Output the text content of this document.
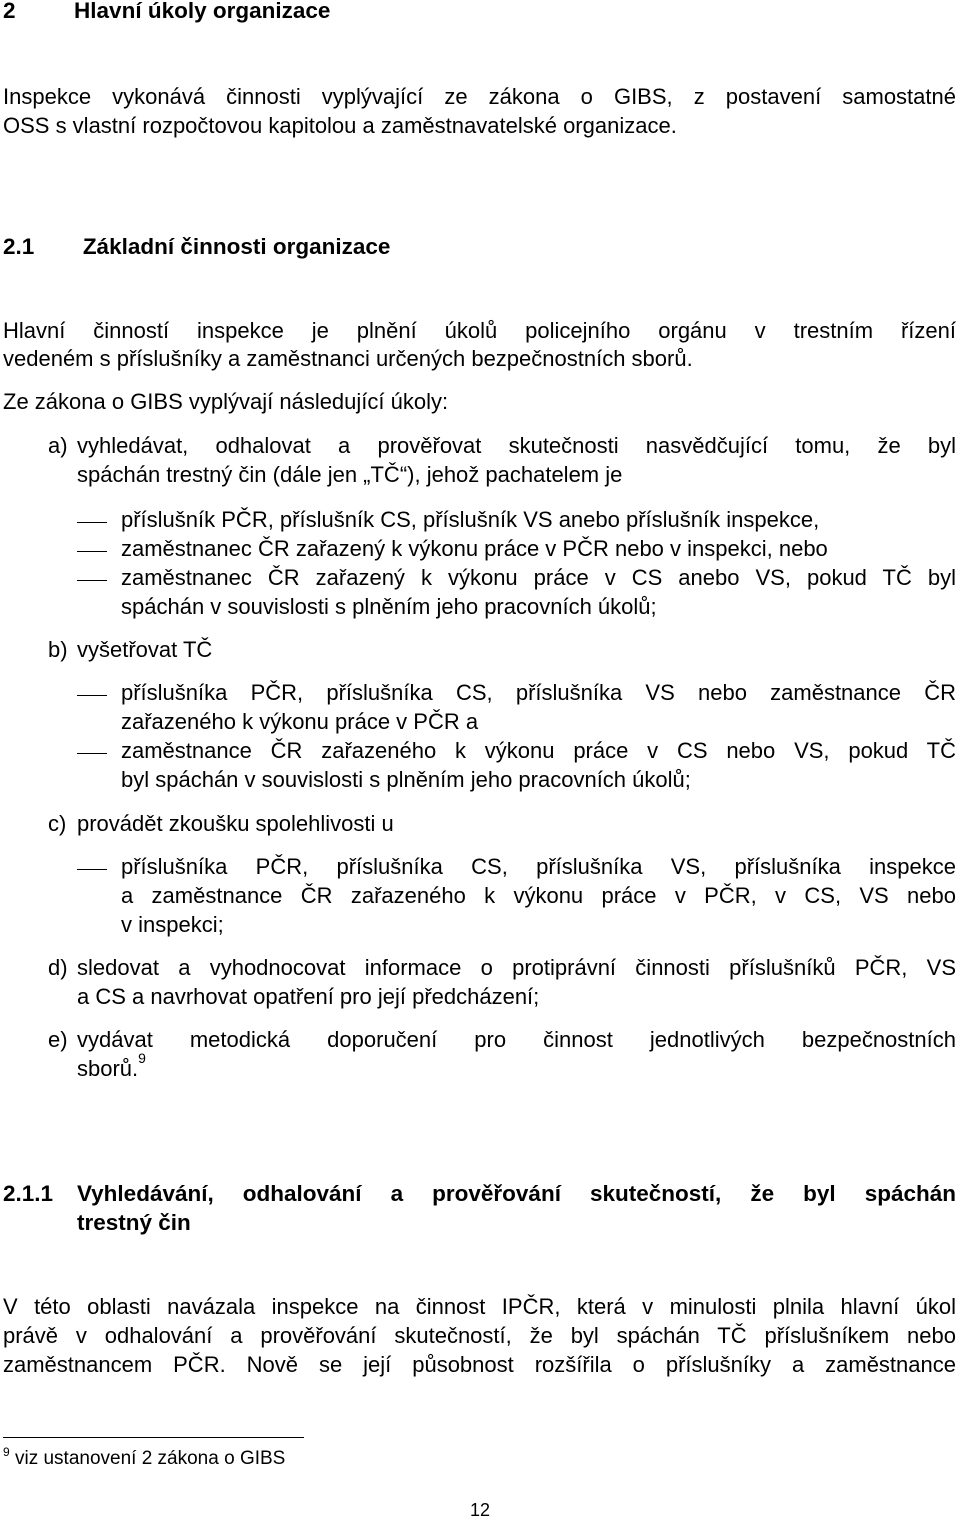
2	Hlavní úkoly organizace
Inspekce vykonává činnosti vyplývající ze zákona o GIBS, z postavení samostatné
OSS s vlastní rozpočtovou kapitolou a zaměstnavatelské organizace.
2.1 Základní činnosti organizace
Hlavní činností inspekce je plnění úkolů policejního orgánu v trestním řízení
vedeném s příslušníky a zaměstnanci určených bezpečnostních sborů.
Ze zákona o GIBS vyplývají následující úkoly:
a) vyhledávat, odhalovat a prověřovat skutečnosti nasvědčující tomu, že byl
spáchán trestný čin (dále jen „TČ“), jehož pachatelem je
příslušník PČR, příslušník CS, příslušník VS anebo příslušník inspekce,
zaměstnanec ČR zařazený k výkonu práce v PČR nebo v inspekci, nebo
zaměstnanec ČR zařazený k výkonu práce v CS anebo VS, pokud TČ byl
spáchán v souvislosti s plněním jeho pracovních úkolů;
b) vyšetřovat TČ
příslušníka PČR, příslušníka CS, příslušníka VS nebo zaměstnance ČR
zařazeného k výkonu práce v PČR a
zaměstnance ČR zařazeného k výkonu práce v CS nebo VS, pokud TČ
byl spáchán v souvislosti s plněním jeho pracovních úkolů;
c) provádět zkoušku spolehlivosti u
příslušníka PČR, příslušníka CS, příslušníka VS, příslušníka inspekce
a zaměstnance ČR zařazeného k výkonu práce v PČR, v CS, VS nebo
v inspekci;
d) sledovat a vyhodnocovat informace o protiprávní činnosti příslušníků PČR, VS
a CS a navrhovat opatření pro její předcházení;
e) vydávat metodická doporučení pro činnost jednotlivých bezpečnostních
sborů.$^9$
2.1.1 Vyhledávání, odhalování a prověřování skutečností, že byl spáchán
trestný čin
V této oblasti navázala inspekce na činnost IPČR, která v minulosti plnila hlavní úkol
právě v odhalování a prověřování skutečností, že byl spáchán TČ příslušníkem nebo
zaměstnancem PČR. Nově se její působnost rozšířila o příslušníky a zaměstnance
$^9$ viz ustanovení 2 zákona o GIBS
12
